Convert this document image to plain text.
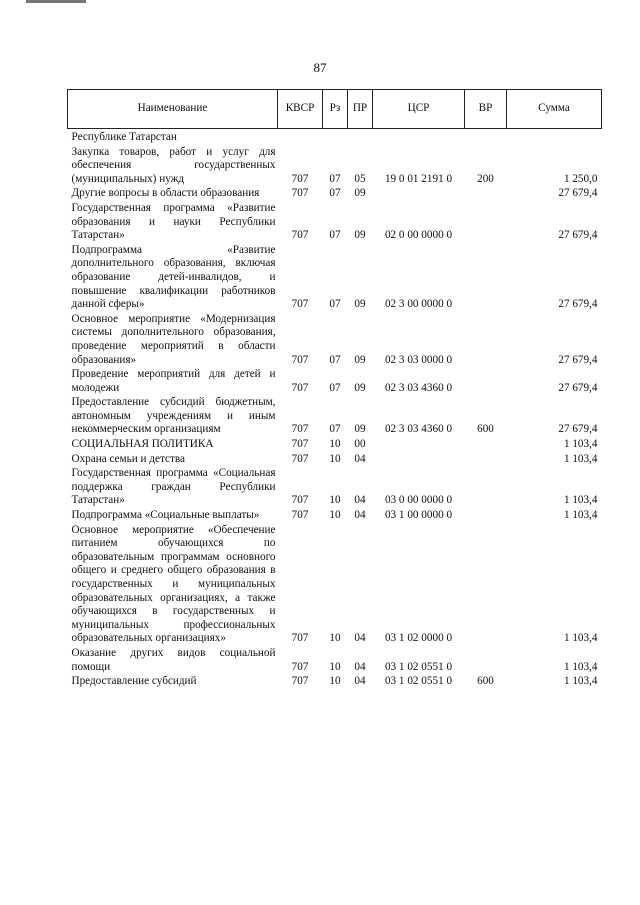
87
Наименование	КВСР	Рз	ПР	ЦСР	ВР	Сумма
Республике Татарстан						
Закупка товаров, работ и услуг для обеспечения государственных (муниципальных) нужд	707	07	05	19 0 01 2191 0	200	1 250,0
Другие вопросы в области образования	707	07	09			27 679,4
Государственная программа «Развитие образования и науки Республики Татарстан»	707	07	09	02 0 00 0000 0		27 679,4
Подпрограмма «Развитие дополнительного образования, включая образование детей-инвалидов, и повышение квалификации работников данной сферы»	707	07	09	02 3 00 0000 0		27 679,4
Основное мероприятие «Модернизация системы дополнительного образования, проведение мероприятий в области образования»	707	07	09	02 3 03 0000 0		27 679,4
Проведение мероприятий для детей и молодежи	707	07	09	02 3 03 4360 0		27 679,4
Предоставление субсидий бюджетным, автономным учреждениям и иным некоммерческим организациям	707	07	09	02 3 03 4360 0	600	27 679,4
СОЦИАЛЬНАЯ ПОЛИТИКА	707	10	00			1 103,4
Охрана семьи и детства	707	10	04			1 103,4
Государственная программа «Социальная поддержка граждан Республики Татарстан»	707	10	04	03 0 00 0000 0		1 103,4
Подпрограмма «Социальные выплаты»	707	10	04	03 1 00 0000 0		1 103,4
Основное мероприятие «Обеспечение питанием обучающихся по образовательным программам основного общего и среднего общего образования в государственных и муниципальных образовательных организациях, а также обучающихся в государственных и муниципальных профессиональных образовательных организациях»	707	10	04	03 1 02 0000 0		1 103,4
Оказание других видов социальной помощи	707	10	04	03 1 02 0551 0		1 103,4
Предоставление субсидий	707	10	04	03 1 02 0551 0	600	1 103,4
